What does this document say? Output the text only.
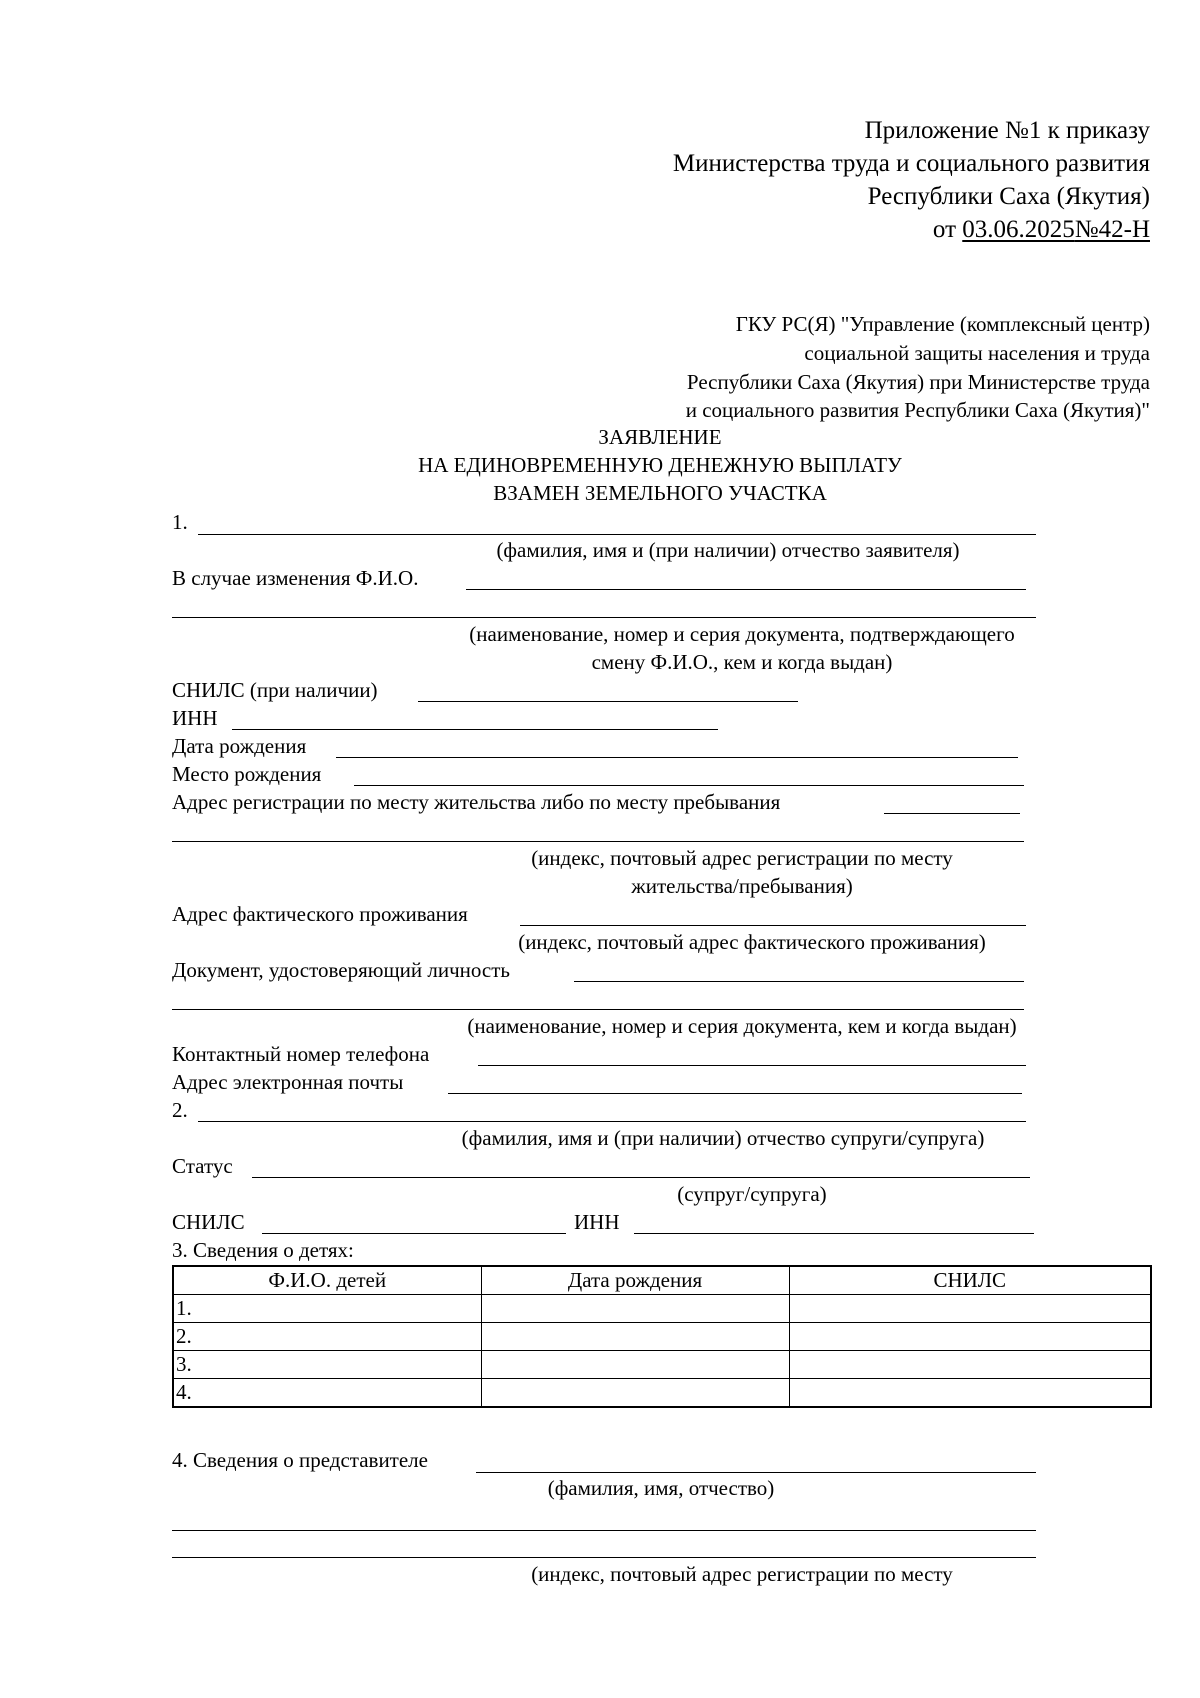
Приложение №1 к приказу
Министерства труда и социального развития
Республики Саха (Якутия)
от 03.06.2025№42-Н
ГКУ РС(Я) "Управление (комплексный центр)
социальной защиты населения и труда
Республики Саха (Якутия) при Министерстве труда
и социального развития Республики Саха (Якутия)"
ЗАЯВЛЕНИЕ
НА ЕДИНОВРЕМЕННУЮ ДЕНЕЖНУЮ ВЫПЛАТУ
ВЗАМЕН ЗЕМЕЛЬНОГО УЧАСТКА
1.
(фамилия, имя и (при наличии) отчество заявителя)
В случае изменения Ф.И.О.
(наименование, номер и серия документа, подтверждающего
смену Ф.И.О., кем и когда выдан)
СНИЛС (при наличии)
ИНН
Дата рождения
Место рождения
Адрес регистрации по месту жительства либо по месту пребывания
(индекс, почтовый адрес регистрации по месту
жительства/пребывания)
Адрес фактического проживания
(индекс, почтовый адрес фактического проживания)
Документ, удостоверяющий личность
(наименование, номер и серия документа, кем и когда выдан)
Контактный номер телефона
Адрес электронная почты
2.
(фамилия, имя и (при наличии) отчество супруги/супруга)
Статус
(супруг/супруга)
СНИЛС	ИНН
3. Сведения о детях:
Ф.И.О. детей	Дата рождения	СНИЛС
1.		
2.		
3.		
4.		
4. Сведения о представителе
(фамилия, имя, отчество)
(индекс, почтовый адрес регистрации по месту
